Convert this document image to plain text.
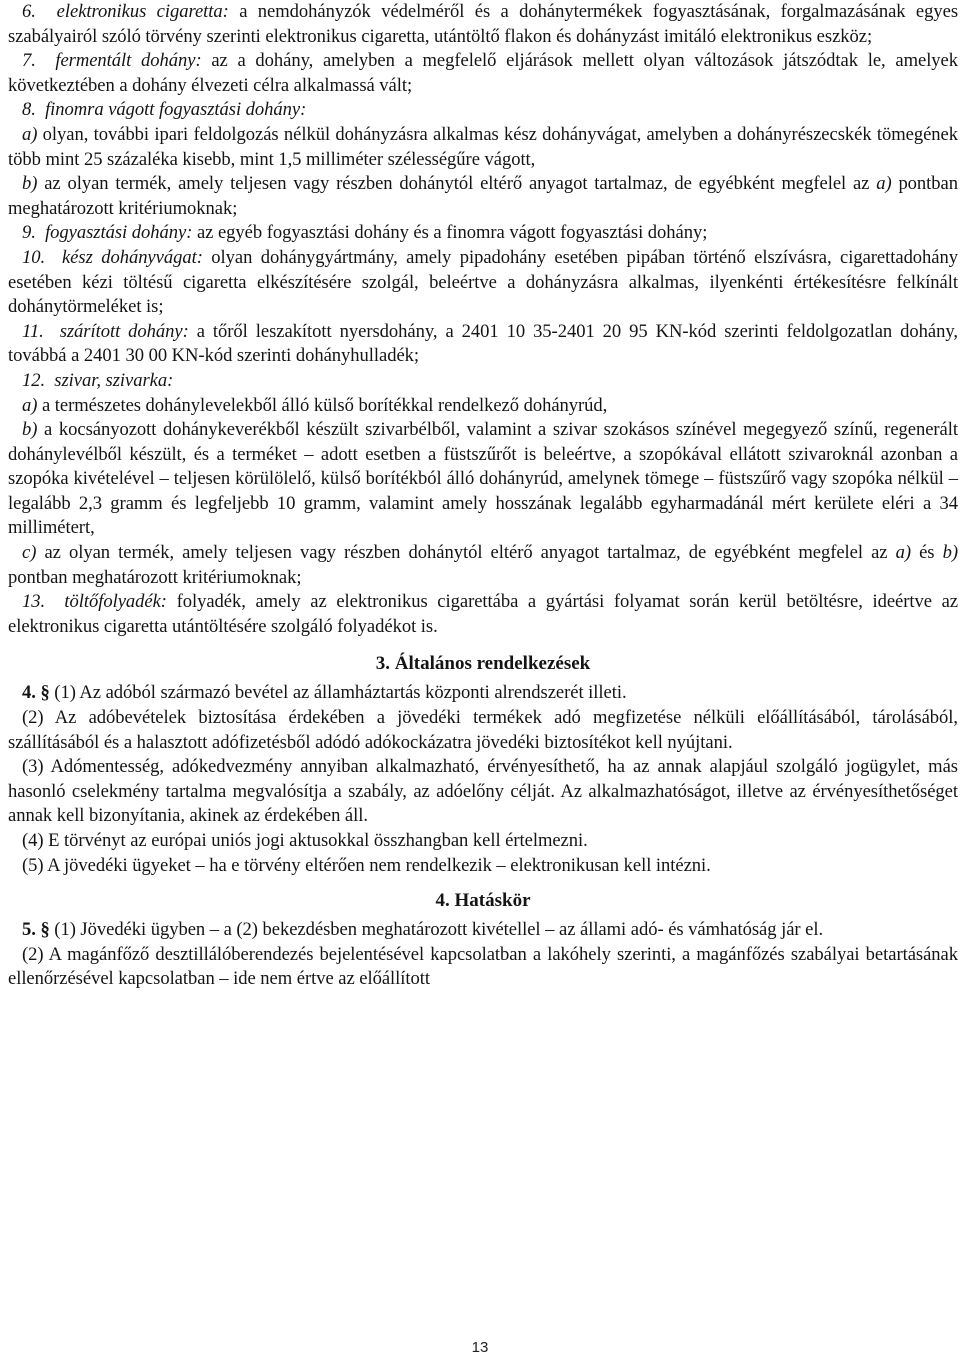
6. elektronikus cigaretta: a nemdohányzók védelméről és a dohánytermékek fogyasztásának, forgalmazásának egyes szabályairól szóló törvény szerinti elektronikus cigaretta, utántöltő flakon és dohányzást imitáló elektronikus eszköz;

7. fermentált dohány: az a dohány, amelyben a megfelelő eljárások mellett olyan változások játszódtak le, amelyek következtében a dohány élvezeti célra alkalmassá vált;

8. finomra vágott fogyasztási dohány:

a) olyan, további ipari feldolgozás nélkül dohányzásra alkalmas kész dohányvágat, amelyben a dohányrészecskék tömegének több mint 25 százaléka kisebb, mint 1,5 milliméter szélességűre vágott,

b) az olyan termék, amely teljesen vagy részben dohánytól eltérő anyagot tartalmaz, de egyébként megfelel az a) pontban meghatározott kritériumoknak;

9. fogyasztási dohány: az egyéb fogyasztási dohány és a finomra vágott fogyasztási dohány;

10. kész dohányvágat: olyan dohánygyártmány, amely pipadohány esetében pipában történő elszívásra, cigarettadohány esetében kézi töltésű cigaretta elkészítésére szolgál, beleértve a dohányzásra alkalmas, ilyenkénti értékesítésre felkínált dohánytörmeléket is;

11. szárított dohány: a tőről leszakított nyersdohány, a 2401 10 35-2401 20 95 KN-kód szerinti feldolgozatlan dohány, továbbá a 2401 30 00 KN-kód szerinti dohányhulladék;

12. szivar, szivarka:

a) a természetes dohánylevelekből álló külső borítékkal rendelkező dohányrúd,

b) a kocsányozott dohánykeverékből készült szivarbélből, valamint a szivar szokásos színével megegyező színű, regenerált dohánylevélből készült, és a terméket – adott esetben a füstszűrőt is beleértve, a szopókával ellátott szivaroknál azonban a szopóka kivételével – teljesen körülölelő, külső borítékból álló dohányrúd, amelynek tömege – füstszűrő vagy szopóka nélkül – legalább 2,3 gramm és legfeljebb 10 gramm, valamint amely hosszának legalább egyharmadánál mért kerülete eléri a 34 millimétert,

c) az olyan termék, amely teljesen vagy részben dohánytól eltérő anyagot tartalmaz, de egyébként megfelel az a) és b) pontban meghatározott kritériumoknak;

13. töltőfolyadék: folyadék, amely az elektronikus cigarettába a gyártási folyamat során kerül betöltésre, ideértve az elektronikus cigaretta utántöltésére szolgáló folyadékot is.

3. Általános rendelkezések

4. § (1) Az adóból származó bevétel az államháztartás központi alrendszerét illeti.

(2) Az adóbevételek biztosítása érdekében a jövedéki termékek adó megfizetése nélküli előállításából, tárolásából, szállításából és a halasztott adófizetésből adódó adókockázatra jövedéki biztosítékot kell nyújtani.

(3) Adómentesség, adókedvezmény annyiban alkalmazható, érvényesíthető, ha az annak alapjául szolgáló jogügylet, más hasonló cselekmény tartalma megvalósítja a szabály, az adóelőny célját. Az alkalmazhatóságot, illetve az érvényesíthetőséget annak kell bizonyítania, akinek az érdekében áll.

(4) E törvényt az európai uniós jogi aktusokkal összhangban kell értelmezni.

(5) A jövedéki ügyeket – ha e törvény eltérően nem rendelkezik – elektronikusan kell intézni.

4. Hatáskör

5. § (1) Jövedéki ügyben – a (2) bekezdésben meghatározott kivétellel – az állami adó- és vámhatóság jár el.

(2) A magánfőző desztillálóberendezés bejelentésével kapcsolatban a lakóhely szerinti, a magánfőzés szabályai betartásának ellenőrzésével kapcsolatban – ide nem értve az előállított

13
